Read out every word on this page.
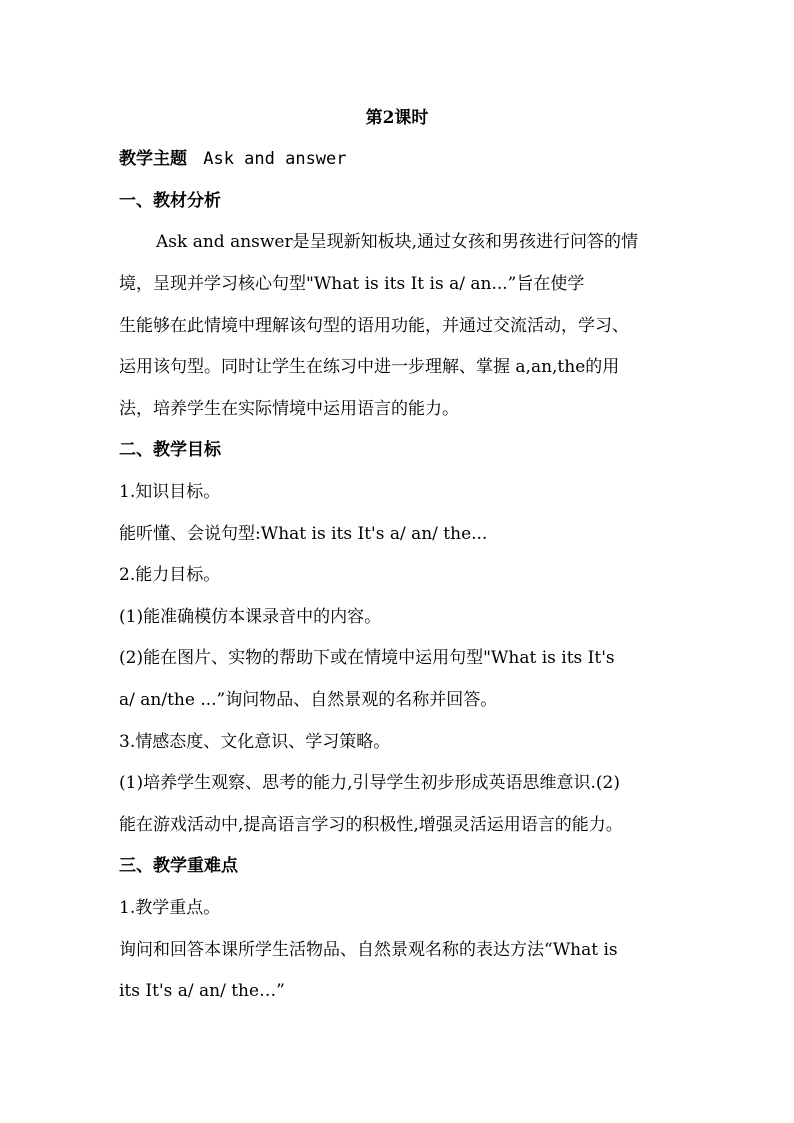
第2课时
教学主题 Ask and answer
一、教材分析
Ask and answer是呈现新知板块,通过女孩和男孩进行问答的情
境，呈现并学习核心句型"What is its It is a/ an...”旨在使学
生能够在此情境中理解该句型的语用功能，并通过交流活动，学习、
运用该句型。同时让学生在练习中进一步理解、掌握 a,an,the的用
法，培养学生在实际情境中运用语言的能力。
二、教学目标
1.知识目标。
能听懂、会说句型:What is its It's a/ an/ the...
2.能力目标。
(1)能准确模仿本课录音中的内容。
(2)能在图片、实物的帮助下或在情境中运用句型"What is its It's
a/ an/the ...”询问物品、自然景观的名称并回答。
3.情感态度、文化意识、学习策略。
(1)培养学生观察、思考的能力,引导学生初步形成英语思维意识.(2)
能在游戏活动中,提高语言学习的积极性,增强灵活运用语言的能力。
三、教学重难点
1.教学重点。
询问和回答本课所学生活物品、自然景观名称的表达方法“What is
its It's a/ an/ the…”
